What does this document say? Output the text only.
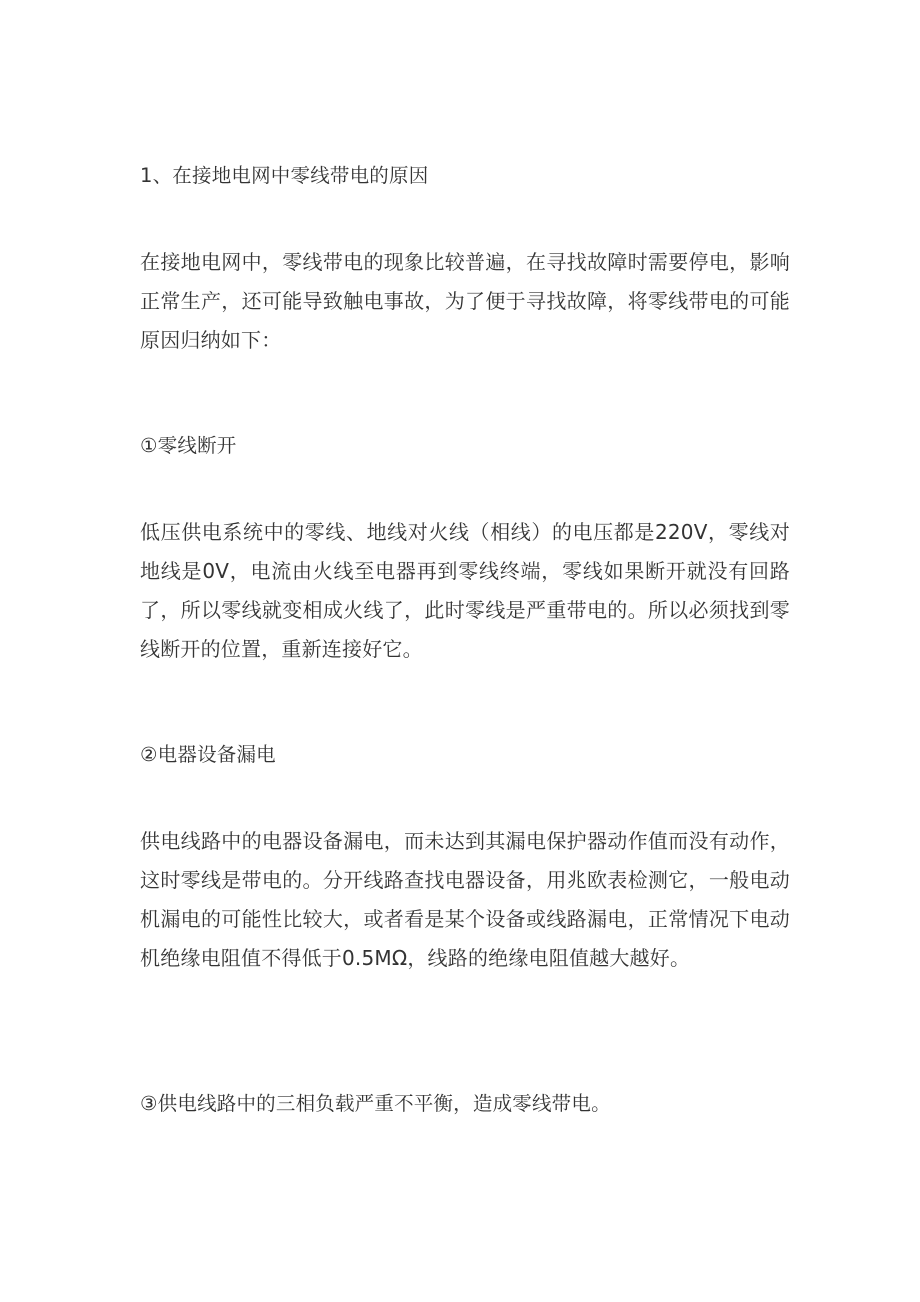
1、在接地电网中零线带电的原因

在接地电网中，零线带电的现象比较普遍，在寻找故障时需要停电，影响正常生产，还可能导致触电事故，为了便于寻找故障，将零线带电的可能原因归纳如下：

①零线断开

低压供电系统中的零线、地线对火线（相线）的电压都是220V，零线对地线是0V，电流由火线至电器再到零线终端，零线如果断开就没有回路了，所以零线就变相成火线了，此时零线是严重带电的。所以必须找到零线断开的位置，重新连接好它。

②电器设备漏电

供电线路中的电器设备漏电，而未达到其漏电保护器动作值而没有动作，这时零线是带电的。分开线路查找电器设备，用兆欧表检测它，一般电动机漏电的可能性比较大，或者看是某个设备或线路漏电，正常情况下电动机绝缘电阻值不得低于0.5MΩ，线路的绝缘电阻值越大越好。

③供电线路中的三相负载严重不平衡，造成零线带电。
